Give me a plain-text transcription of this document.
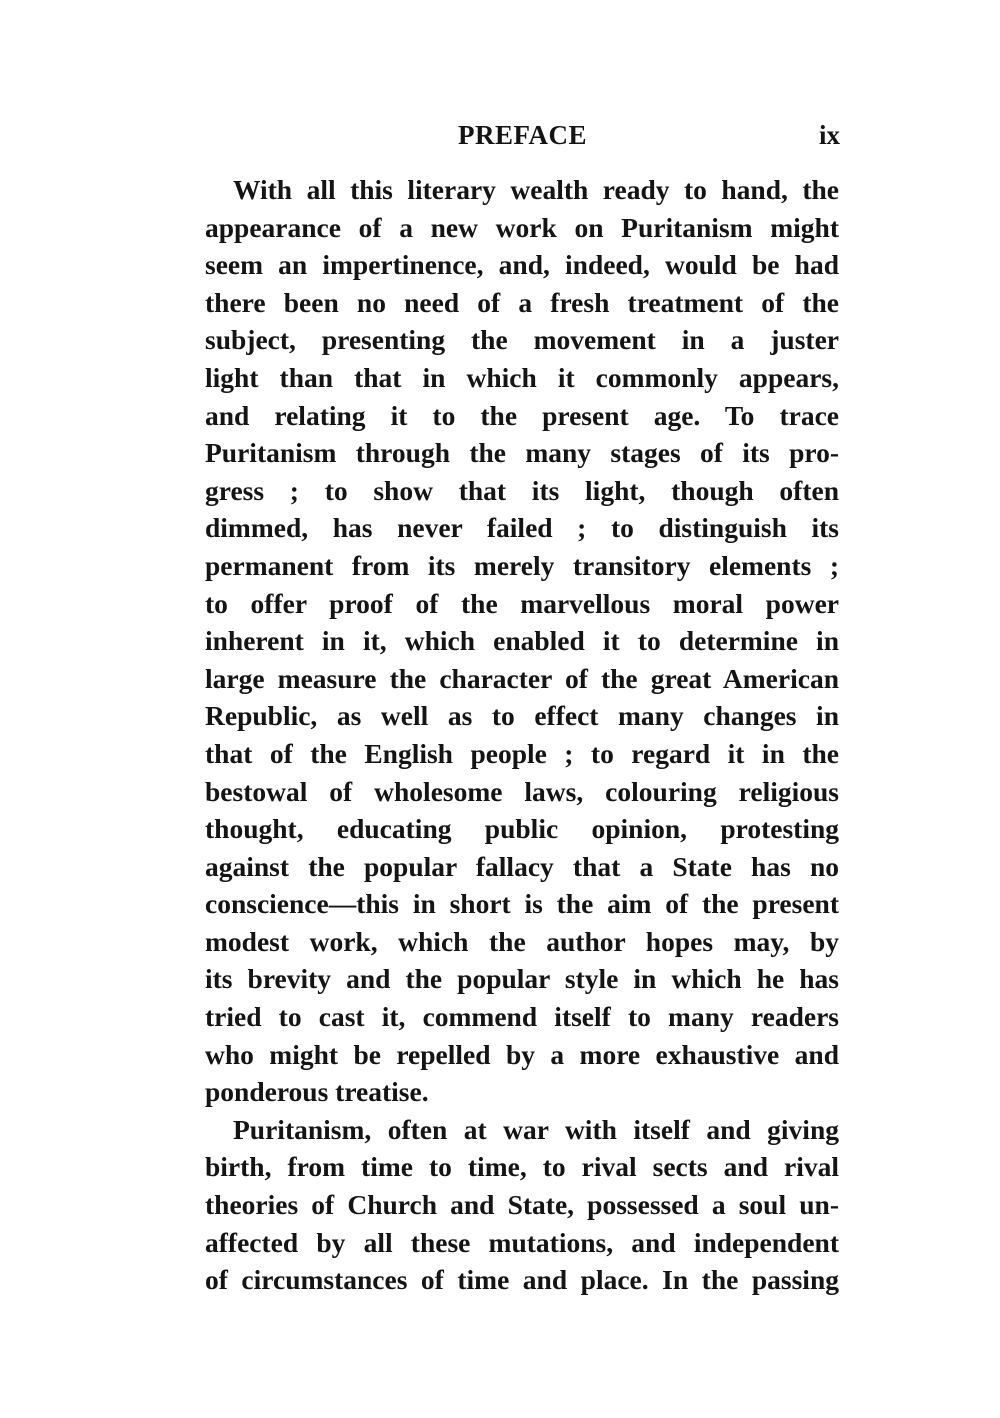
PREFACE	ix
With all this literary wealth ready to hand, the
appearance of a new work on Puritanism might
seem an impertinence, and, indeed, would be had
there been no need of a fresh treatment of the
subject, presenting the movement in a juster
light than that in which it commonly appears,
and relating it to the present age. To trace
Puritanism through the many stages of its pro-
gress ; to show that its light, though often
dimmed, has never failed ; to distinguish its
permanent from its merely transitory elements ;
to offer proof of the marvellous moral power
inherent in it, which enabled it to determine in
large measure the character of the great American
Republic, as well as to effect many changes in
that of the English people ; to regard it in the
bestowal of wholesome laws, colouring religious
thought, educating public opinion, protesting
against the popular fallacy that a State has no
conscience—this in short is the aim of the present
modest work, which the author hopes may, by
its brevity and the popular style in which he has
tried to cast it, commend itself to many readers
who might be repelled by a more exhaustive and
ponderous treatise.
Puritanism, often at war with itself and giving
birth, from time to time, to rival sects and rival
theories of Church and State, possessed a soul un-
affected by all these mutations, and independent
of circumstances of time and place. In the passing
